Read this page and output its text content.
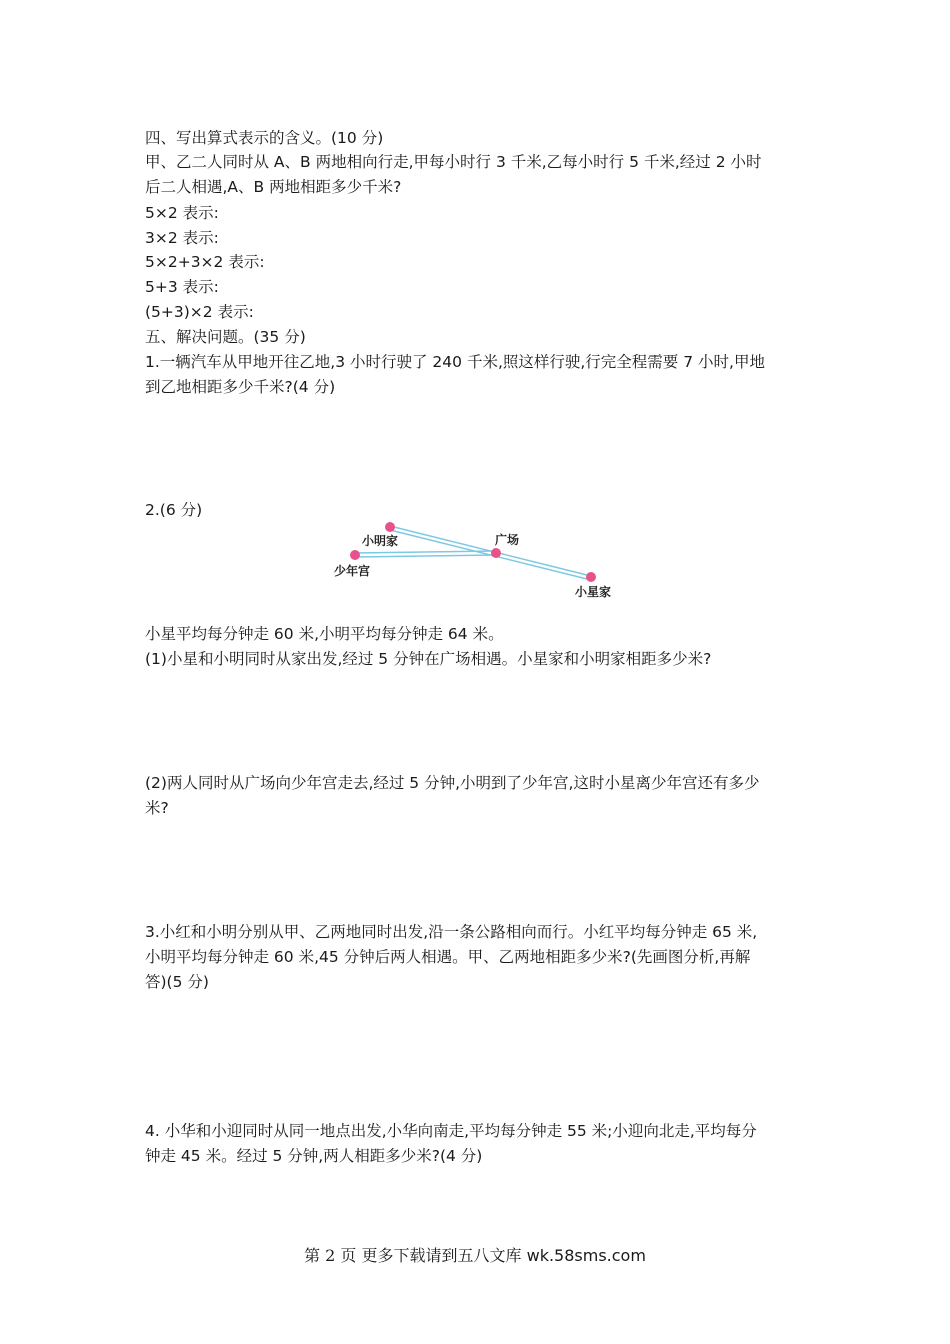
四、写出算式表示的含义。(10 分)
甲、乙二人同时从 A、B 两地相向行走,甲每小时行 3 千米,乙每小时行 5 千米,经过 2 小时
后二人相遇,A、B 两地相距多少千米?
5×2 表示:
3×2 表示:
5×2+3×2 表示:
5+3 表示:
(5+3)×2 表示:
五、解决问题。(35 分)
1.一辆汽车从甲地开往乙地,3 小时行驶了 240 千米,照这样行驶,行完全程需要 7 小时,甲地
到乙地相距多少千米?(4 分)
2.(6 分)
小明家	广场
少年宫
小星家
小星平均每分钟走 60 米,小明平均每分钟走 64 米。
(1)小星和小明同时从家出发,经过 5 分钟在广场相遇。小星家和小明家相距多少米?
(2)两人同时从广场向少年宫走去,经过 5 分钟,小明到了少年宫,这时小星离少年宫还有多少
米?
3.小红和小明分别从甲、乙两地同时出发,沿一条公路相向而行。小红平均每分钟走 65 米,
小明平均每分钟走 60 米,45 分钟后两人相遇。甲、乙两地相距多少米?(先画图分析,再解
答)(5 分)
4. 小华和小迎同时从同一地点出发,小华向南走,平均每分钟走 55 米;小迎向北走,平均每分
钟走 45 米。经过 5 分钟,两人相距多少米?(4 分)
第 2 页 更多下载请到五八文库 wk.58sms.com
